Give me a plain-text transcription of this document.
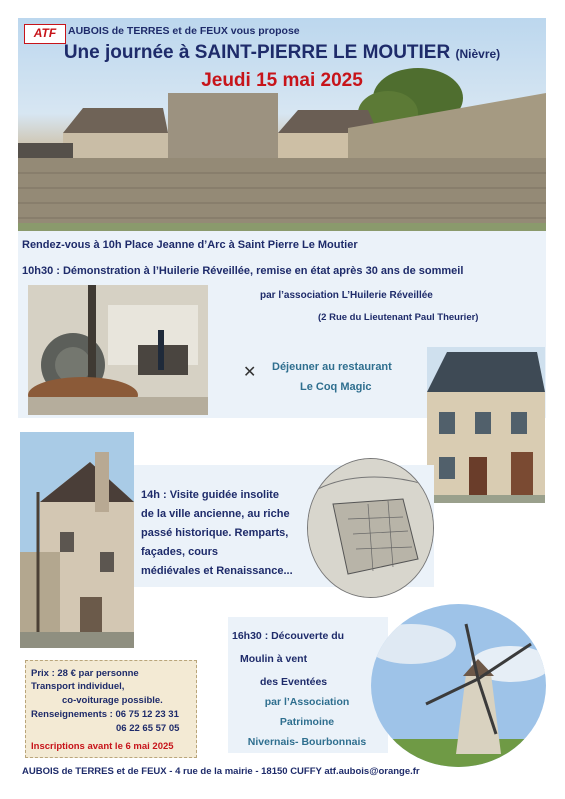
ATF	AUBOIS de TERRES et de FEUX vous propose
Une journée à SAINT-PIERRE LE MOUTIER (Nièvre)
Jeudi 15 mai 2025
Rendez-vous à 10h Place Jeanne d’Arc à Saint Pierre Le Moutier
10h30 : Démonstration à l’Huilerie Réveillée, remise en état après 30 ans de sommeil
par l’association L’Huilerie Réveillée
(2 Rue du Lieutenant Paul Theurier)
✕	Déjeuner au restaurant
Le Coq Magic
14h : Visite guidée insolite
de la ville ancienne, au riche
passé historique. Remparts,
façades, cours
médiévales et Renaissance...
16h30 : Découverte du
Moulin à vent
des Eventées
par l’Association
Patrimoine
Nivernais- Bourbonnais
Prix : 28 € par personne
Transport individuel,
co-voiturage possible.
Renseignements : 06 75 12 23 31
06 22 65 57 05
Inscriptions avant le 6 mai 2025
AUBOIS de TERRES et de FEUX - 4 rue de la mairie - 18150 CUFFY atf.aubois@orange.fr
